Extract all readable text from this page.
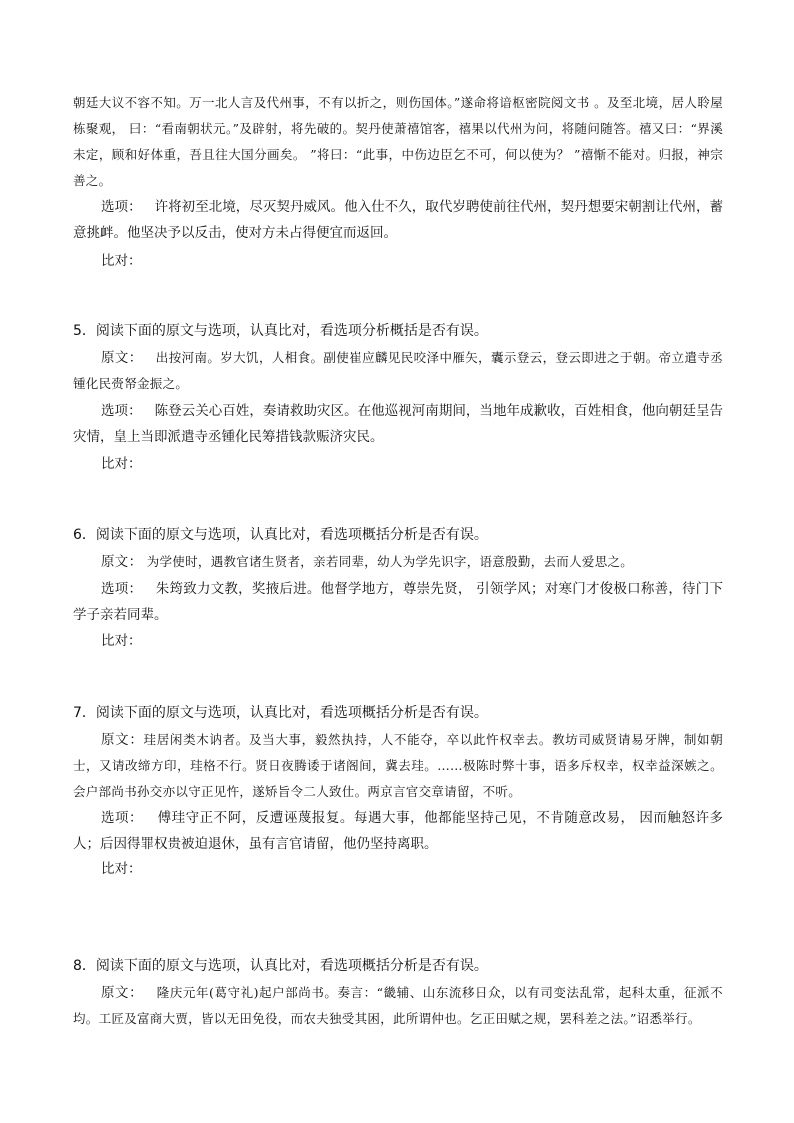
朝廷大议不容不知。万一北人言及代州事，不有以折之，则伤国体。”遂命将谙枢密院阅文书 。及至北境，居人聆屋栋聚观， 曰：“看南朝状元。”及辟射，将先破的。契丹使萧禧馆客，禧果以代州为问，将随问随答。禧又曰：“界溪未定，顾和好体重，吾且往大国分画矣。 ”将曰：“此事，中伤边臣乞不可，何以使为？ ”禧惭不能对。归报，神宗善之。

选项： 许将初至北境，尽灭契丹威风。他入仕不久，取代岁聘使前往代州，契丹想要宋朝割让代州，蓄意挑衅。他坚决予以反击，使对方未占得便宜而返回。
比对：
5．阅读下面的原文与选项，认真比对，看选项分析概括是否有误。
原文： 出按河南。岁大饥，人相食。副使崔应麟见民咬泽中雁矢，囊示登云，登云即进之于朝。帝立遣寺丞锺化民赍帑金振之。
选项： 陈登云关心百姓，奏请救助灾区。在他巡视河南期间，当地年成歉收，百姓相食，他向朝廷呈告灾情，皇上当即派遣寺丞锺化民筹措钱款赈济灾民。
比对：
6．阅读下面的原文与选项，认真比对，看选项概括分析是否有误。
原文： 为学使时，遇教官诸生贤者，亲若同辈，幼人为学先识字，语意殷勤，去而人爱思之。
选项： 朱筠致力文教，奖掖后进。他督学地方，尊崇先贤， 引领学风；对寒门才俊极口称善，待门下学子亲若同辈。
比对：
7．阅读下面的原文与选项，认真比对，看选项概括分析是否有误。
原文：珪居闲类木讷者。及当大事，毅然执持，人不能夺，卒以此忤权幸去。教坊司威贤请易牙牌，制如朝士，又请改缔方印，珪格不行。贤日夜腾诿于诸阁间，冀去珪。……极陈时弊十事，语多斥权幸，权幸益深嫉之。会户部尚书孙交亦以守正见忤，遂矫旨令二人致仕。两京言官交章请留，不听。
选项： 傅珪守正不阿，反遭诬蔑报复。每遇大事，他都能坚持己见，不肯随意改易， 因而触怒许多人；后因得罪权贵被迫退休，虽有言官请留，他仍坚持离职。
比对：
8．阅读下面的原文与选项，认真比对，看选项概括分析是否有误。
原文： 隆庆元年(葛守礼)起户部尚书。奏言：“畿辅、山东流移日众，以有司变法乱常，起科太重，征派不均。工匠及富商大贾，皆以无田免役，而农夫独受其困，此所谓仲也。乞正田赋之规，罢科差之法。”诏悉举行。
